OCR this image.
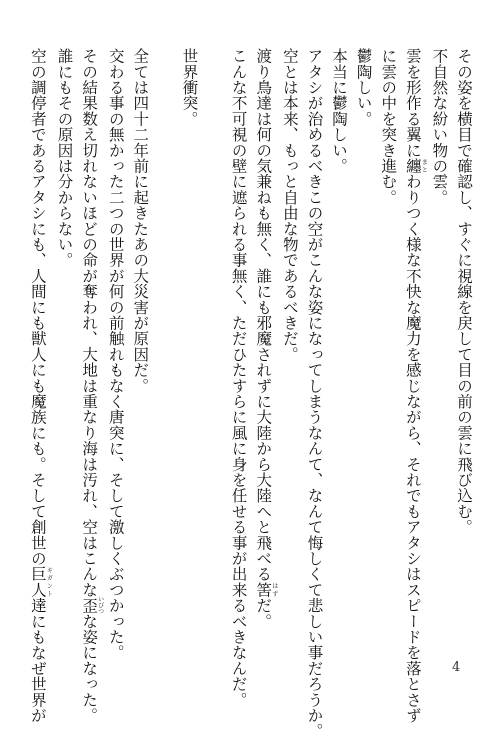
その姿を横目で確認し、すぐに視線を戻して目の前の雲に飛び込む。
不自然な紛い物の雲。
雲を形作る翼に纏まとわりつく様な不快な魔力を感じながら、それでもアタシはスピードを落とさず
に雲の中を突き進む。
鬱陶しい。
本当に鬱陶しい。
アタシが治めるべきこの空がこんな姿になってしまうなんて、なんて悔しくて悲しい事だろうか。
空とは本来、もっと自由な物であるべきだ。
渡り鳥達は何の気兼ねも無く、誰にも邪魔されずに大陸から大陸へと飛べる筈はずだ。
こんな不可視の壁に遮られる事無く、ただひたすらに風に身を任せる事が出来るべきなんだ。

世界衝突。

全ては四十二年前に起きたあの大災害が原因だ。
交わる事の無かった二つの世界が何の前触れもなく唐突に、そして激しくぶつかった。
その結果数え切れないほどの命が奪われ、大地は重なり海は汚れ、空はこんな歪いびつな姿になった。
誰にもその原因は分からない。
空の調停者であるアタシにも、人間にも獣人にも魔族にも。そして創世の巨人ギガント達にもなぜ世界が	4
